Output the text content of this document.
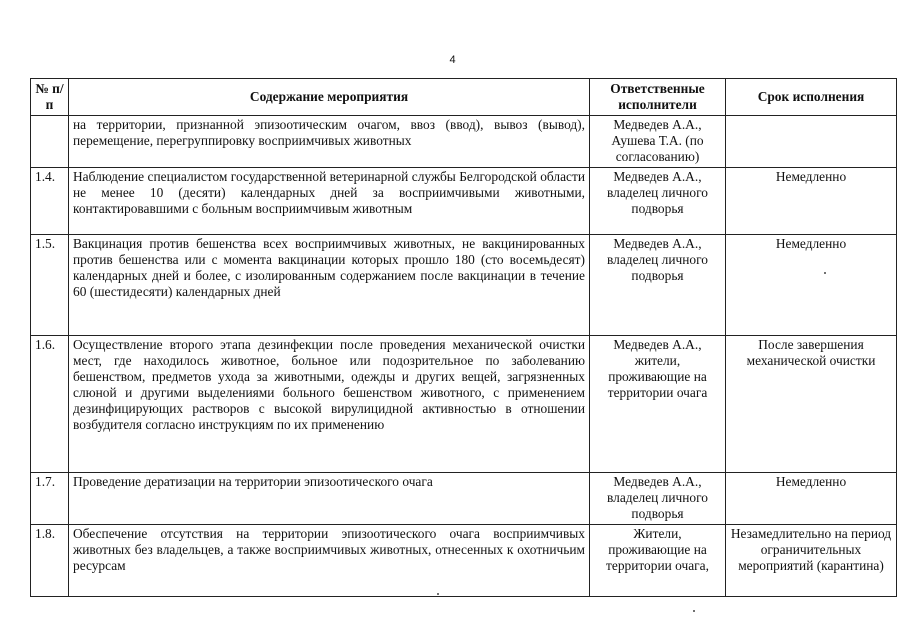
4
№ п/п	Содержание мероприятия	Ответственные исполнители	Срок исполнения
	на территории, признанной эпизоотическим очагом, ввоз (ввод), вывоз (вывод), перемещение, перегруппировку восприимчивых животных	Медведев А.А., Аушева Т.А. (по согласованию)	
1.4.	Наблюдение специалистом государственной ветеринарной службы Белгородской области не менее 10 (десяти) календарных дней за восприимчивыми животными, контактировавшими с больным восприимчивым животным	Медведев А.А., владелец личного подворья	Немедленно
1.5.	Вакцинация против бешенства всех восприимчивых животных, не вакцинированных против бешенства или с момента вакцинации которых прошло 180 (сто восемьдесят) календарных дней и более, с изолированным содержанием после вакцинации в течение 60 (шестидесяти) календарных дней	Медведев А.А., владелец личного подворья	Немедленно
1.6.	Осуществление второго этапа дезинфекции после проведения механической очистки мест, где находилось животное, больное или подозрительное по заболеванию бешенством, предметов ухода за животными, одежды и других вещей, загрязненных слюной и другими выделениями больного бешенством животного, с применением дезинфицирующих растворов с высокой вирулицидной активностью в отношении возбудителя согласно инструкциям по их применению	Медведев А.А., жители, проживающие на территории очага	После завершения механической очистки
1.7.	Проведение дератизации на территории эпизоотического очага	Медведев А.А., владелец личного подворья	Немедленно
1.8.	Обеспечение отсутствия на территории эпизоотического очага восприимчивых животных без владельцев, а также восприимчивых животных, отнесенных к охотничьим ресурсам	Жители, проживающие на территории очага,	Незамедлительно на период ограничительных мероприятий (карантина)
